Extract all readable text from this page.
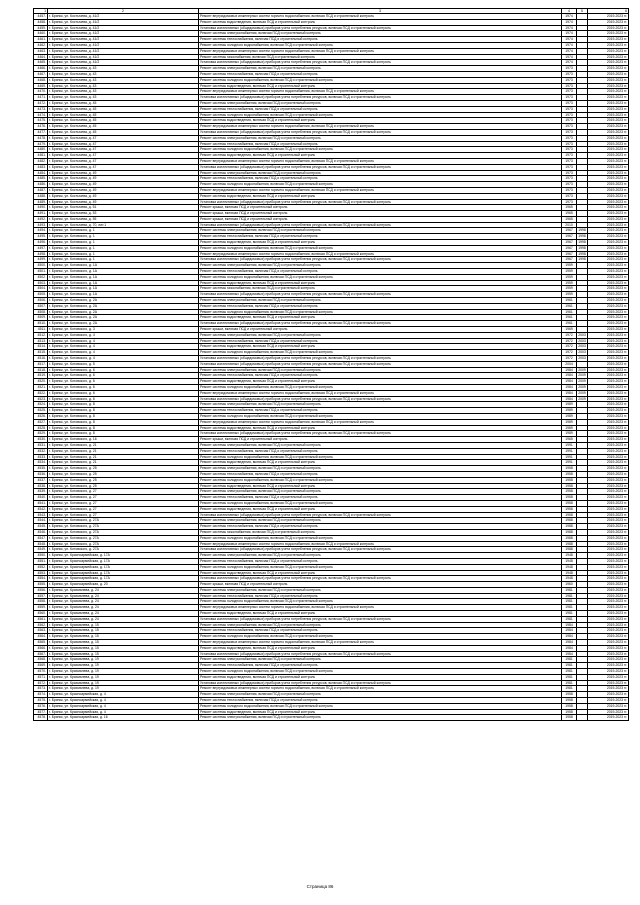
1	2	3	4	5	6
4457.	г. Брянск, ул. Костычева, д. 41/2	Ремонт внутридомовых инженерных систем горячего водоснабжения, включая ПСД и строительный контроль	1974		2019-2023 гг.
4458.	г. Брянск, ул. Костычева, д. 41/2	Ремонт системы водоотведения, включая ПСД и строительный контроль	1974		2019-2023 гг.
4459.	г. Брянск, ул. Костычева, д. 41/2	Установка коллективных (общедомовых) приборов учета потребления ресурсов, включая ПСД и строительный контроль	1974		2019-2023 гг.
4460.	г. Брянск, ул. Костычева, д. 41/2	Ремонт системы электроснабжения, включая ПСД и строительный контроль	1974		2019-2023 гг.
4461.	г. Брянск, ул. Костычева, д. 41/2	Ремонт системы теплоснабжения, включая ПСД и строительный контроль	1974		2019-2023 гг.
4462.	г. Брянск, ул. Костычева, д. 41/2	Ремонт системы холодного водоснабжения, включая ПСД и строительный контроль	1974		2019-2023 гг.
4463.	г. Брянск, ул. Костычева, д. 41/2	Ремонт внутридомовых инженерных систем горячего водоснабжения, включая ПСД и строительный контроль	1974		2019-2023 гг.
4464.	г. Брянск, ул. Костычева, д. 41/2	Ремонт системы газоснабжения, включая ПСД и строительный контроль	1974		2019-2023 гг.
4465.	г. Брянск, ул. Костычева, д. 41/2	Установка коллективных (общедомовых) приборов учета потребления ресурсов, включая ПСД и строительный контроль	1974		2019-2023 гг.
4466.	г. Брянск, ул. Костычева, д. 43	Ремонт системы электроснабжения, включая ПСД и строительный контроль	1973		2019-2023 гг.
4467.	г. Брянск, ул. Костычева, д. 43	Ремонт системы теплоснабжения, включая ПСД и строительный контроль	1973		2019-2023 гг.
4468.	г. Брянск, ул. Костычева, д. 43	Ремонт системы холодного водоснабжения, включая ПСД и строительный контроль	1973		2019-2023 гг.
4469.	г. Брянск, ул. Костычева, д. 43	Ремонт системы водоотведения, включая ПСД и строительный контроль	1973		2019-2023 гг.
4470.	г. Брянск, ул. Костычева, д. 43	Ремонт внутридомовых инженерных систем горячего водоснабжения, включая ПСД и строительный контроль	1973		2019-2023 гг.
4471.	г. Брянск, ул. Костычева, д. 43	Установка коллективных (общедомовых) приборов учета потребления ресурсов, включая ПСД и строительный контроль	1973		2019-2023 гг.
4472.	г. Брянск, ул. Костычева, д. 45	Ремонт системы электроснабжения, включая ПСД и строительный контроль	1973		2019-2023 гг.
4473.	г. Брянск, ул. Костычева, д. 45	Ремонт системы теплоснабжения, включая ПСД и строительный контроль	1973		2019-2023 гг.
4474.	г. Брянск, ул. Костычева, д. 45	Ремонт системы холодного водоснабжения, включая ПСД и строительный контроль	1973		2019-2023 гг.
4475.	г. Брянск, ул. Костычева, д. 45	Ремонт системы водоотведения, включая ПСД и строительный контроль	1973		2019-2023 гг.
4476.	г. Брянск, ул. Костычева, д. 45	Ремонт внутридомовых инженерных систем горячего водоснабжения, включая ПСД и строительный контроль	1973		2019-2023 гг.
4477.	г. Брянск, ул. Костычева, д. 45	Установка коллективных (общедомовых) приборов учета потребления ресурсов, включая ПСД и строительный контроль	1973		2019-2023 гг.
4478.	г. Брянск, ул. Костычева, д. 47	Ремонт системы электроснабжения, включая ПСД и строительный контроль	1973		2019-2023 гг.
4479.	г. Брянск, ул. Костычева, д. 47	Ремонт системы теплоснабжения, включая ПСД и строительный контроль	1973		2019-2023 гг.
4480.	г. Брянск, ул. Костычева, д. 47	Ремонт системы холодного водоснабжения, включая ПСД и строительный контроль	1973		2019-2023 гг.
4481.	г. Брянск, ул. Костычева, д. 47	Ремонт системы водоотведения, включая ПСД и строительный контроль	1973		2019-2023 гг.
4482.	г. Брянск, ул. Костычева, д. 47	Ремонт внутридомовых инженерных систем горячего водоснабжения, включая ПСД и строительный контроль	1973		2019-2023 гг.
4483.	г. Брянск, ул. Костычева, д. 47	Установка коллективных (общедомовых) приборов учета потребления ресурсов, включая ПСД и строительный контроль	1973		2019-2023 гг.
4484.	г. Брянск, ул. Костычева, д. 49	Ремонт системы электроснабжения, включая ПСД и строительный контроль	1973		2019-2023 гг.
4485.	г. Брянск, ул. Костычева, д. 49	Ремонт системы теплоснабжения, включая ПСД и строительный контроль	1973		2019-2023 гг.
4486.	г. Брянск, ул. Костычева, д. 49	Ремонт системы холодного водоснабжения, включая ПСД и строительный контроль	1973		2019-2023 гг.
4487.	г. Брянск, ул. Костычева, д. 49	Ремонт внутридомовых инженерных систем горячего водоснабжения, включая ПСД и строительный контроль	1973		2019-2023 гг.
4488.	г. Брянск, ул. Костычева, д. 49	Ремонт системы водоотведения, включая ПСД и строительный контроль	1973		2019-2023 гг.
4489.	г. Брянск, ул. Костычева, д. 49	Установка коллективных (общедомовых) приборов учета потребления ресурсов, включая ПСД и строительный контроль	1973		2019-2023 гг.
4490.	г. Брянск, ул. Костычева, д. 51	Ремонт крыши, включая ПСД и строительный контроль	1965		2019-2023 гг.
4491.	г. Брянск, ул. Костычева, д. 53	Ремонт крыши, включая ПСД и строительный контроль	1965		2019-2023 гг.
4492.	г. Брянск, ул. Костычева, д. 55	Ремонт крыши, включая ПСД и строительный контроль	1965		2019-2023 гг.
4493.	г. Брянск, ул. Костычева, д. 70, лит.1	Установка коллективных (общедомовых) приборов учета потребления ресурсов, включая ПСД и строительный контроль	2010		2019-2023 гг.
4494.	г. Брянск, ул. Котовского, д. 1	Ремонт системы электроснабжения, включая ПСД и строительный контроль	1967	1998	2019-2023 гг.
4495.	г. Брянск, ул. Котовского, д. 1	Ремонт системы теплоснабжения, включая ПСД и строительный контроль	1967	1998	2019-2023 гг.
4496.	г. Брянск, ул. Котовского, д. 1	Ремонт системы водоотведения, включая ПСД и строительный контроль	1967	1998	2019-2023 гг.
4497.	г. Брянск, ул. Котовского, д. 1	Ремонт системы холодного водоснабжения, включая ПСД и строительный контроль	1967	1998	2019-2023 гг.
4498.	г. Брянск, ул. Котовского, д. 1	Ремонт внутридомовых инженерных систем горячего водоснабжения, включая ПСД и строительный контроль	1967	1998	2019-2023 гг.
4499.	г. Брянск, ул. Котовского, д. 1	Установка коллективных (общедомовых) приборов учета потребления ресурсов, включая ПСД и строительный контроль	1967	1998	2019-2023 гг.
4500.	г. Брянск, ул. Котовского, д. 1А	Ремонт системы электроснабжения, включая ПСД и строительный контроль	1959		2019-2023 гг.
4501.	г. Брянск, ул. Котовского, д. 1А	Ремонт системы теплоснабжения, включая ПСД и строительный контроль	1959		2019-2023 гг.
4502.	г. Брянск, ул. Котовского, д. 1А	Ремонт системы холодного водоснабжения, включая ПСД и строительный контроль	1959		2019-2023 гг.
4503.	г. Брянск, ул. Котовского, д. 1А	Ремонт системы водоотведения, включая ПСД и строительный контроль	1959		2019-2023 гг.
4504.	г. Брянск, ул. Котовского, д. 1А	Ремонт системы газоснабжения, включая ПСД и строительный контроль	1959		2019-2023 гг.
4505.	г. Брянск, ул. Котовского, д. 1А	Установка коллективных (общедомовых) приборов учета потребления ресурсов, включая ПСД и строительный контроль	1959		2019-2023 гг.
4506.	г. Брянск, ул. Котовского, д. 2А	Ремонт системы электроснабжения, включая ПСД и строительный контроль	1961		2019-2023 гг.
4507.	г. Брянск, ул. Котовского, д. 2А	Ремонт системы теплоснабжения, включая ПСД и строительный контроль	1961		2019-2023 гг.
4508.	г. Брянск, ул. Котовского, д. 2А	Ремонт системы холодного водоснабжения, включая ПСД и строительный контроль	1961		2019-2023 гг.
4509.	г. Брянск, ул. Котовского, д. 2А	Ремонт системы водоотведения, включая ПСД и строительный контроль	1961		2019-2023 гг.
4510.	г. Брянск, ул. Котовского, д. 2А	Установка коллективных (общедомовых) приборов учета потребления ресурсов, включая ПСД и строительный контроль	1961		2019-2023 гг.
4511.	г. Брянск, ул. Котовского, д. 3	Ремонт крыши, включая ПСД и строительный контроль	1969		2019-2023 гг.
4512.	г. Брянск, ул. Котовского, д. 4	Ремонт системы электроснабжения, включая ПСД и строительный контроль	1972	2003	2019-2023 гг.
4513.	г. Брянск, ул. Котовского, д. 4	Ремонт системы теплоснабжения, включая ПСД и строительный контроль	1972	2003	2019-2023 гг.
4514.	г. Брянск, ул. Котовского, д. 4	Ремонт системы водоотведения, включая ПСД и строительный контроль	1972	2003	2019-2023 гг.
4515.	г. Брянск, ул. Котовского, д. 4	Ремонт системы холодного водоснабжения, включая ПСД и строительный контроль	1972	2003	2019-2023 гг.
4516.	г. Брянск, ул. Котовского, д. 4	Установка коллективных (общедомовых) приборов учета потребления ресурсов, включая ПСД и строительный контроль	1972	2003	2019-2023 гг.
4517.	г. Брянск, ул. Котовского, д. 5	Установка коллективных (общедомовых) приборов учета потребления ресурсов, включая ПСД и строительный контроль	2004		2019-2023 гг.
4518.	г. Брянск, ул. Котовского, д. 6	Ремонт системы электроснабжения, включая ПСД и строительный контроль	1984	2009	2019-2023 гг.
4519.	г. Брянск, ул. Котовского, д. 6	Ремонт системы теплоснабжения, включая ПСД и строительный контроль	1984	2009	2019-2023 гг.
4520.	г. Брянск, ул. Котовского, д. 6	Ремонт системы водоотведения, включая ПСД и строительный контроль	1984	2009	2019-2023 гг.
4521.	г. Брянск, ул. Котовского, д. 6	Ремонт системы холодного водоснабжения, включая ПСД и строительный контроль	1984	2009	2019-2023 гг.
4522.	г. Брянск, ул. Котовского, д. 6	Ремонт внутридомовых инженерных систем горячего водоснабжения, включая ПСД и строительный контроль	1984	2009	2019-2023 гг.
4523.	г. Брянск, ул. Котовского, д. 6	Установка коллективных (общедомовых) приборов учета потребления ресурсов, включая ПСД и строительный контроль	1984	2009	2019-2023 гг.
4524.	г. Брянск, ул. Котовского, д. 8	Ремонт системы электроснабжения, включая ПСД и строительный контроль	1989		2019-2023 гг.
4525.	г. Брянск, ул. Котовского, д. 8	Ремонт системы теплоснабжения, включая ПСД и строительный контроль	1989		2019-2023 гг.
4526.	г. Брянск, ул. Котовского, д. 8	Ремонт системы холодного водоснабжения, включая ПСД и строительный контроль	1989		2019-2023 гг.
4527.	г. Брянск, ул. Котовского, д. 8	Ремонт внутридомовых инженерных систем горячего водоснабжения, включая ПСД и строительный контроль	1989		2019-2023 гг.
4528.	г. Брянск, ул. Котовского, д. 8	Ремонт системы водоотведения, включая ПСД и строительный контроль	1989		2019-2023 гг.
4529.	г. Брянск, ул. Котовского, д. 8	Установка коллективных (общедомовых) приборов учета потребления ресурсов, включая ПСД и строительный контроль	1989		2019-2023 гг.
4530.	г. Брянск, ул. Котовского, д. 16	Ремонт крыши, включая ПСД и строительный контроль	1965		2019-2023 гг.
4531.	г. Брянск, ул. Котовского, д. 21	Ремонт системы электроснабжения, включая ПСД и строительный контроль	1991		2019-2023 гг.
4532.	г. Брянск, ул. Котовского, д. 21	Ремонт системы теплоснабжения, включая ПСД и строительный контроль	1991		2019-2023 гг.
4533.	г. Брянск, ул. Котовского, д. 21	Ремонт системы холодного водоснабжения, включая ПСД и строительный контроль	1991		2019-2023 гг.
4534.	г. Брянск, ул. Котовского, д. 21	Ремонт системы водоотведения, включая ПСД и строительный контроль	1991		2019-2023 гг.
4535.	г. Брянск, ул. Котовского, д. 25	Ремонт системы электроснабжения, включая ПСД и строительный контроль	1958		2019-2023 гг.
4536.	г. Брянск, ул. Котовского, д. 25	Ремонт системы теплоснабжения, включая ПСД и строительный контроль	1958		2019-2023 гг.
4537.	г. Брянск, ул. Котовского, д. 25	Ремонт системы холодного водоснабжения, включая ПСД и строительный контроль	1958		2019-2023 гг.
4538.	г. Брянск, ул. Котовского, д. 25	Ремонт системы водоотведения, включая ПСД и строительный контроль	1958		2019-2023 гг.
4539.	г. Брянск, ул. Котовского, д. 27	Ремонт системы электроснабжения, включая ПСД и строительный контроль	1958		2019-2023 гг.
4540.	г. Брянск, ул. Котовского, д. 27	Ремонт системы теплоснабжения, включая ПСД и строительный контроль	1958		2019-2023 гг.
4541.	г. Брянск, ул. Котовского, д. 27	Ремонт системы холодного водоснабжения, включая ПСД и строительный контроль	1958		2019-2023 гг.
4542.	г. Брянск, ул. Котовского, д. 27	Ремонт системы водоотведения, включая ПСД и строительный контроль	1958		2019-2023 гг.
4543.	г. Брянск, ул. Котовского, д. 27	Установка коллективных (общедомовых) приборов учета потребления ресурсов, включая ПСД и строительный контроль	1958		2019-2023 гг.
4544.	г. Брянск, ул. Котовского, д. 27А	Ремонт системы электроснабжения, включая ПСД и строительный контроль	1988		2019-2023 гг.
4545.	г. Брянск, ул. Котовского, д. 27А	Ремонт системы теплоснабжения, включая ПСД и строительный контроль	1988		2019-2023 гг.
4546.	г. Брянск, ул. Котовского, д. 27А	Ремонт системы газоснабжения, включая ПСД и строительный контроль	1988		2019-2023 гг.
4547.	г. Брянск, ул. Котовского, д. 27А	Ремонт системы холодного водоснабжения, включая ПСД и строительный контроль	1988		2019-2023 гг.
4548.	г. Брянск, ул. Котовского, д. 27А	Ремонт внутридомовых инженерных систем горячего водоснабжения, включая ПСД и строительный контроль	1988		2019-2023 гг.
4549.	г. Брянск, ул. Котовского, д. 27А	Установка коллективных (общедомовых) приборов учета потребления ресурсов, включая ПСД и строительный контроль	1988		2019-2023 гг.
4550.	г. Брянск, ул. Красноармейская, д. 17А	Ремонт системы электроснабжения, включая ПСД и строительный контроль	1948		2019-2023 гг.
4551.	г. Брянск, ул. Красноармейская, д. 17А	Ремонт системы теплоснабжения, включая ПСД и строительный контроль	1948		2019-2023 гг.
4552.	г. Брянск, ул. Красноармейская, д. 17А	Ремонт системы холодного водоснабжения, включая ПСД и строительный контроль	1948		2019-2023 гг.
4553.	г. Брянск, ул. Красноармейская, д. 17А	Ремонт системы водоотведения, включая ПСД и строительный контроль	1948		2019-2023 гг.
4554.	г. Брянск, ул. Красноармейская, д. 17А	Установка коллективных (общедомовых) приборов учета потребления ресурсов, включая ПСД и строительный контроль	1948		2019-2023 гг.
4555.	г. Брянск, ул. Красноармейская, д. 20	Ремонт крыши, включая ПСД и строительный контроль	1960		2019-2023 гг.
4556.	г. Брянск, ул. Крахмалева, д. 24	Ремонт системы электроснабжения, включая ПСД и строительный контроль	1981		2019-2023 гг.
4557.	г. Брянск, ул. Крахмалева, д. 24	Ремонт системы теплоснабжения, включая ПСД и строительный контроль	1981		2019-2023 гг.
4558.	г. Брянск, ул. Крахмалева, д. 24	Ремонт системы холодного водоснабжения, включая ПСД и строительный контроль	1981		2019-2023 гг.
4559.	г. Брянск, ул. Крахмалева, д. 24	Ремонт внутридомовых инженерных систем горячего водоснабжения, включая ПСД и строительный контроль	1981		2019-2023 гг.
4560.	г. Брянск, ул. Крахмалева, д. 24	Ремонт системы водоотведения, включая ПСД и строительный контроль	1981		2019-2023 гг.
4561.	г. Брянск, ул. Крахмалева, д. 24	Установка коллективных (общедомовых) приборов учета потребления ресурсов, включая ПСД и строительный контроль	1981		2019-2023 гг.
4562.	г. Брянск, ул. Крахмалева, д. 15	Ремонт системы электроснабжения, включая ПСД и строительный контроль	1984		2019-2023 гг.
4563.	г. Брянск, ул. Крахмалева, д. 15	Ремонт системы теплоснабжения, включая ПСД и строительный контроль	1984		2019-2023 гг.
4564.	г. Брянск, ул. Крахмалева, д. 15	Ремонт системы холодного водоснабжения, включая ПСД и строительный контроль	1984		2019-2023 гг.
4565.	г. Брянск, ул. Крахмалева, д. 15	Ремонт внутридомовых инженерных систем горячего водоснабжения, включая ПСД и строительный контроль	1984		2019-2023 гг.
4566.	г. Брянск, ул. Крахмалева, д. 15	Ремонт системы водоотведения, включая ПСД и строительный контроль	1984		2019-2023 гг.
4567.	г. Брянск, ул. Крахмалева, д. 15	Установка коллективных (общедомовых) приборов учета потребления ресурсов, включая ПСД и строительный контроль	1984		2019-2023 гг.
4568.	г. Брянск, ул. Крахмалева, д. 19	Ремонт системы электроснабжения, включая ПСД и строительный контроль	1981		2019-2023 гг.
4569.	г. Брянск, ул. Крахмалева, д. 19	Ремонт системы теплоснабжения, включая ПСД и строительный контроль	1981		2019-2023 гг.
4570.	г. Брянск, ул. Крахмалева, д. 19	Ремонт системы холодного водоснабжения, включая ПСД и строительный контроль	1981		2019-2023 гг.
4571.	г. Брянск, ул. Крахмалева, д. 19	Ремонт системы водоотведения, включая ПСД и строительный контроль	1981		2019-2023 гг.
4572.	г. Брянск, ул. Крахмалева, д. 19	Установка коллективных (общедомовых) приборов учета потребления ресурсов, включая ПСД и строительный контроль	1981		2019-2023 гг.
4573.	г. Брянск, ул. Крахмалева, д. 19	Ремонт внутридомовых инженерных систем горячего водоснабжения, включая ПСД и строительный контроль	1981		2019-2023 гг.
4574.	г. Брянск, ул. Красноармейская, д. 4	Ремонт системы электроснабжения, включая ПСД и строительный контроль	1958		2019-2023 гг.
4575.	г. Брянск, ул. Красноармейская, д. 4	Ремонт системы теплоснабжения, включая ПСД и строительный контроль	1958		2019-2023 гг.
4576.	г. Брянск, ул. Красноармейская, д. 4	Ремонт системы холодного водоснабжения, включая ПСД и строительный контроль	1958		2019-2023 гг.
4577.	г. Брянск, ул. Красноармейская, д. 4	Ремонт системы водоотведения, включая ПСД и строительный контроль	1958		2019-2023 гг.
4578.	г. Брянск, ул. Красноармейская, д. 16	Ремонт системы электроснабжения, включая ПСД и строительный контроль	1958		2019-2023 гг.
Страница 86
